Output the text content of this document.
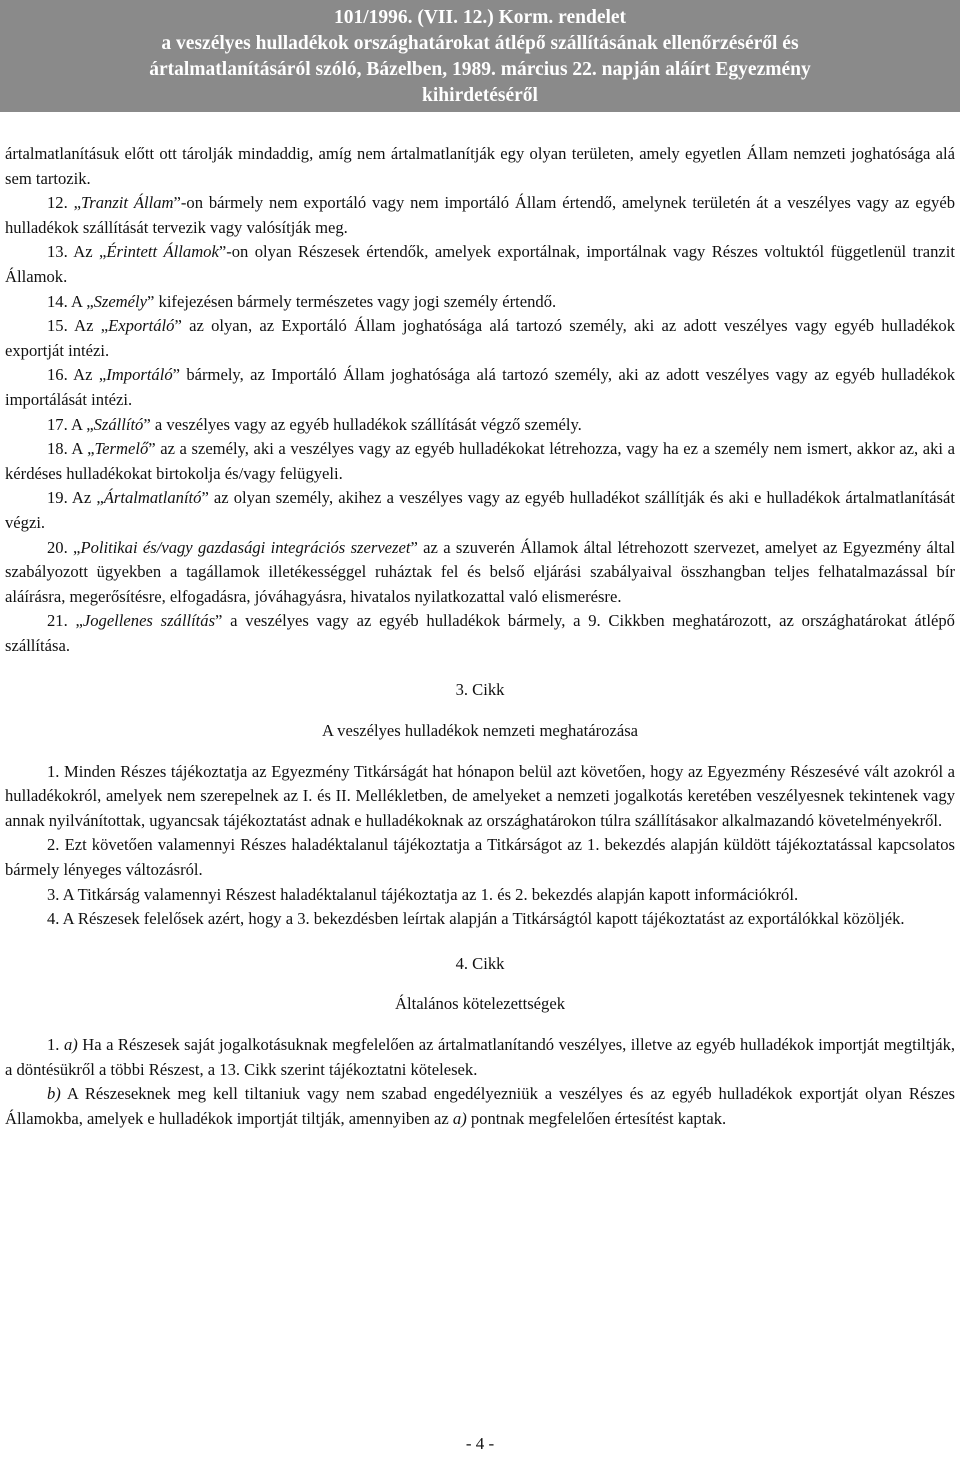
101/1996. (VII. 12.) Korm. rendelet
a veszélyes hulladékok országhatárokat átlépő szállításának ellenőrzéséről és
ártalmatlanításáról szóló, Bázelben, 1989. március 22. napján aláírt Egyezmény
kihirdetéséről

ártalmatlanításuk előtt ott tárolják mindaddig, amíg nem ártalmatlanítják egy olyan területen, amely egyetlen Állam nemzeti joghatósága alá sem tartozik.

12. „Tranzit Állam”-on bármely nem exportáló vagy nem importáló Állam értendő, amelynek területén át a veszélyes vagy az egyéb hulladékok szállítását tervezik vagy valósítják meg.

13. Az „Érintett Államok”-on olyan Részesek értendők, amelyek exportálnak, importálnak vagy Részes voltuktól függetlenül tranzit Államok.

14. A „Személy” kifejezésen bármely természetes vagy jogi személy értendő.

15. Az „Exportáló” az olyan, az Exportáló Állam joghatósága alá tartozó személy, aki az adott veszélyes vagy egyéb hulladékok exportját intézi.

16. Az „Importáló” bármely, az Importáló Állam joghatósága alá tartozó személy, aki az adott veszélyes vagy az egyéb hulladékok importálását intézi.

17. A „Szállító” a veszélyes vagy az egyéb hulladékok szállítását végző személy.

18. A „Termelő” az a személy, aki a veszélyes vagy az egyéb hulladékokat létrehozza, vagy ha ez a személy nem ismert, akkor az, aki a kérdéses hulladékokat birtokolja és/vagy felügyeli.

19. Az „Ártalmatlanító” az olyan személy, akihez a veszélyes vagy az egyéb hulladékot szállítják és aki e hulladékok ártalmatlanítását végzi.

20. „Politikai és/vagy gazdasági integrációs szervezet” az a szuverén Államok által létrehozott szervezet, amelyet az Egyezmény által szabályozott ügyekben a tagállamok illetékességgel ruháztak fel és belső eljárási szabályaival összhangban teljes felhatalmazással bír aláírásra, megerősítésre, elfogadásra, jóváhagyásra, hivatalos nyilatkozattal való elismerésre.

21. „Jogellenes szállítás” a veszélyes vagy az egyéb hulladékok bármely, a 9. Cikkben meghatározott, az országhatárokat átlépő szállítása.

3. Cikk

A veszélyes hulladékok nemzeti meghatározása

1. Minden Részes tájékoztatja az Egyezmény Titkárságát hat hónapon belül azt követően, hogy az Egyezmény Részesévé vált azokról a hulladékokról, amelyek nem szerepelnek az I. és II. Mellékletben, de amelyeket a nemzeti jogalkotás keretében veszélyesnek tekintenek vagy annak nyilvánítottak, ugyancsak tájékoztatást adnak e hulladékoknak az országhatárokon túlra szállításakor alkalmazandó követelményekről.

2. Ezt követően valamennyi Részes haladéktalanul tájékoztatja a Titkárságot az 1. bekezdés alapján küldött tájékoztatással kapcsolatos bármely lényeges változásról.

3. A Titkárság valamennyi Részest haladéktalanul tájékoztatja az 1. és 2. bekezdés alapján kapott információkról.

4. A Részesek felelősek azért, hogy a 3. bekezdésben leírtak alapján a Titkárságtól kapott tájékoztatást az exportálókkal közöljék.

4. Cikk

Általános kötelezettségek

1. a) Ha a Részesek saját jogalkotásuknak megfelelően az ártalmatlanítandó veszélyes, illetve az egyéb hulladékok importját megtiltják, a döntésükről a többi Részest, a 13. Cikk szerint tájékoztatni kötelesek.

b) A Részeseknek meg kell tiltaniuk vagy nem szabad engedélyezniük a veszélyes és az egyéb hulladékok exportját olyan Részes Államokba, amelyek e hulladékok importját tiltják, amennyiben az a) pontnak megfelelően értesítést kaptak.

- 4 -
